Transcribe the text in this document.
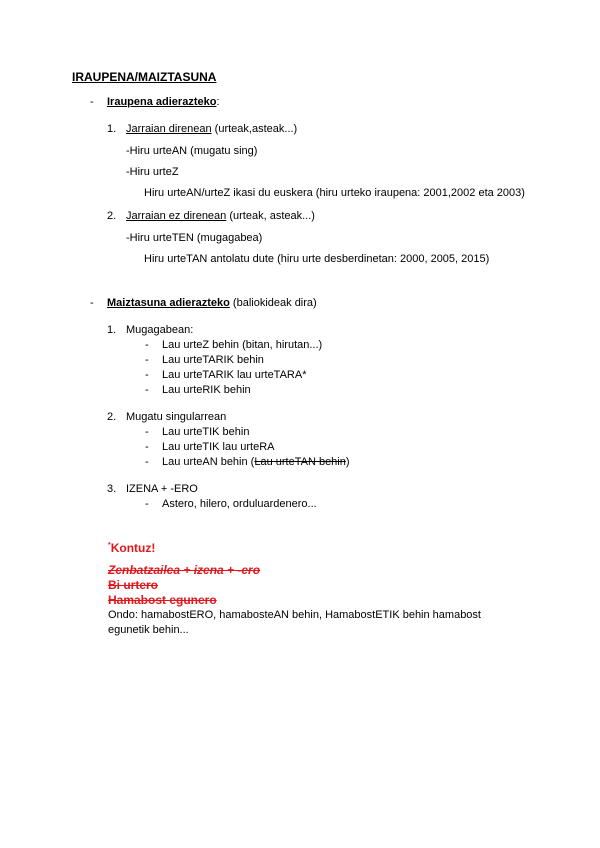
IRAUPENA/MAIZTASUNA
- Iraupena adierazteko:
1. Jarraian direnean (urteak,asteak...)
-Hiru urteAN (mugatu sing)
-Hiru urteZ
Hiru urteAN/urteZ ikasi du euskera (hiru urteko iraupena: 2001,2002 eta 2003)
2. Jarraian ez direnean (urteak, asteak...)
-Hiru urteTEN (mugagabea)
Hiru urteTAN antolatu dute (hiru urte desberdinetan: 2000, 2005, 2015)
- Maiztasuna adierazteko (baliokideak dira)
1. Mugagabean:
- Lau urteZ behin (bitan, hirutan...)
- Lau urteTARIK behin
- Lau urteTARIK lau urteTARA*
- Lau urteRIK behin
2. Mugatu singularrean
- Lau urteTIK behin
- Lau urteTIK lau urteRA
- Lau urteAN behin (Lau urteTAN behin)
3. IZENA + -ERO
- Astero, hilero, orduluardenero...
*Kontuz!
Zenbatzailea + izena + -ero
Bi urtero
Hamabost egunero
Ondo: hamabostERO, hamabosteAN behin, HamabostETIK behin hamabost
egunetik behin...
